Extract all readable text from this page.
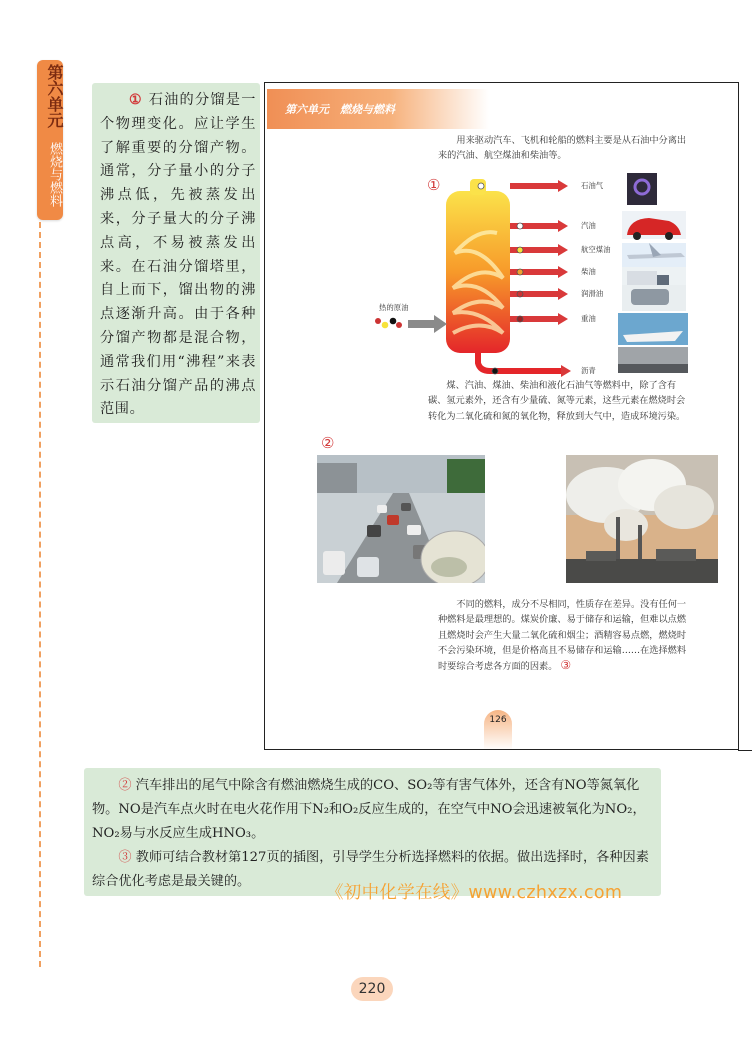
第六单元
燃烧与燃料
① 石油的分馏是一个物理变化。应让学生了解重要的分馏产物。通常，分子量小的分子沸点低，先被蒸发出来，分子量大的分子沸点高，不易被蒸发出来。在石油分馏塔里，自上而下，馏出物的沸点逐渐升高。由于各种分馏产物都是混合物，通常我们用“沸程”来表示石油分馏产品的沸点范围。
第六单元　燃烧与燃料
用来驱动汽车、飞机和轮船的燃料主要是从石油中分离出来的汽油、航空煤油和柴油等。
①
热的原油
石油气
汽油
航空煤油
柴油
润滑油
重油
沥青
煤、汽油、煤油、柴油和液化石油气等燃料中，除了含有碳、氢元素外，还含有少量硫、氮等元素，这些元素在燃烧时会转化为二氧化硫和氮的氧化物，释放到大气中，造成环境污染。
②
不同的燃料，成分不尽相同，性质存在差异。没有任何一种燃料是最理想的。煤炭价廉、易于储存和运输，但难以点燃且燃烧时会产生大量二氧化硫和烟尘；酒精容易点燃，燃烧时不会污染环境，但是价格高且不易储存和运输……在选择燃料时要综合考虑各方面的因素。 ③
126

② 汽车排出的尾气中除含有燃油燃烧生成的CO、SO₂等有害气体外，还含有NO等氮氧化物。NO是汽车点火时在电火花作用下N₂和O₂反应生成的，在空气中NO会迅速被氧化为NO₂，NO₂易与水反应生成HNO₃。

③ 教师可结合教材第127页的插图，引导学生分析选择燃料的依据。做出选择时，各种因素综合优化考虑是最关键的。

《初中化学在线》www.czhxzx.com
220
